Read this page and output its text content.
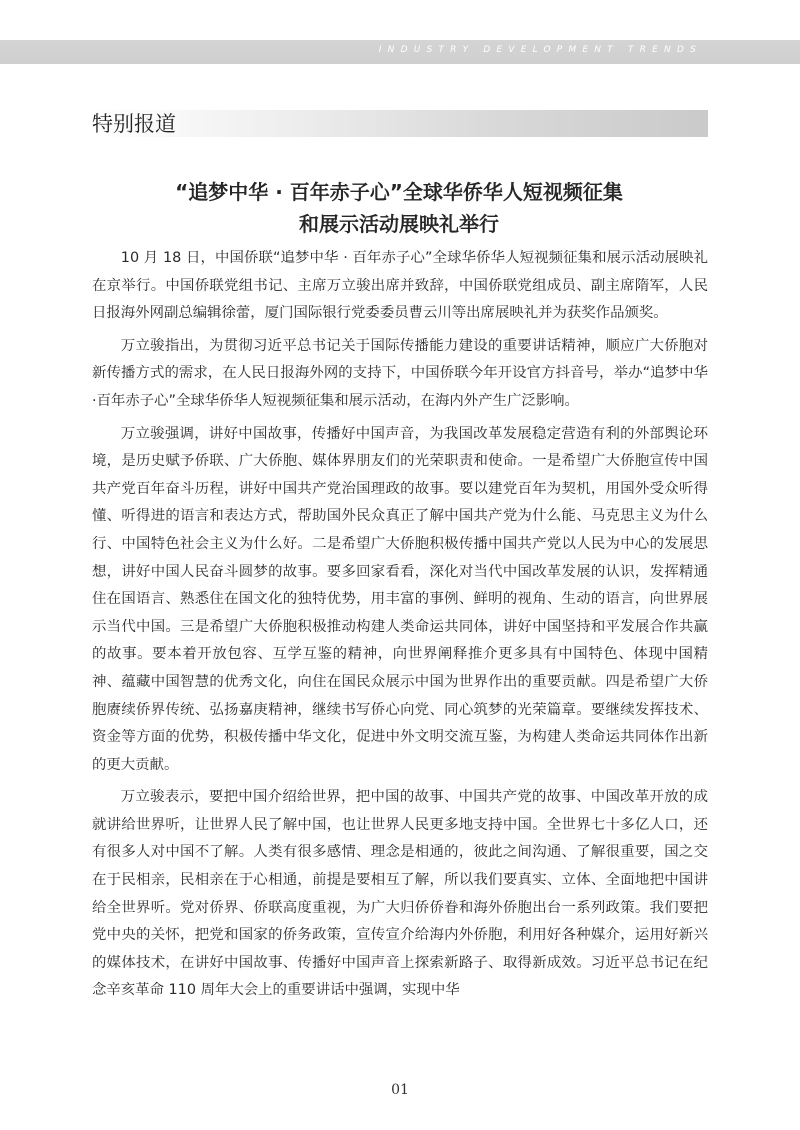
INDUSTRY DEVELOPMENT TRENDS
特别报道
“追梦中华 · 百年赤子心”全球华侨华人短视频征集
和展示活动展映礼举行

10 月 18 日，中国侨联“追梦中华 · 百年赤子心”全球华侨华人短视频征集和展示活动展映礼在京举行。中国侨联党组书记、主席万立骏出席并致辞，中国侨联党组成员、副主席隋军，人民日报海外网副总编辑徐蕾，厦门国际银行党委委员曹云川等出席展映礼并为获奖作品颁奖。

万立骏指出，为贯彻习近平总书记关于国际传播能力建设的重要讲话精神，顺应广大侨胞对新传播方式的需求，在人民日报海外网的支持下，中国侨联今年开设官方抖音号，举办“追梦中华·百年赤子心”全球华侨华人短视频征集和展示活动，在海内外产生广泛影响。

万立骏强调，讲好中国故事，传播好中国声音，为我国改革发展稳定营造有利的外部舆论环境，是历史赋予侨联、广大侨胞、媒体界朋友们的光荣职责和使命。一是希望广大侨胞宣传中国共产党百年奋斗历程，讲好中国共产党治国理政的故事。要以建党百年为契机，用国外受众听得懂、听得进的语言和表达方式，帮助国外民众真正了解中国共产党为什么能、马克思主义为什么行、中国特色社会主义为什么好。二是希望广大侨胞积极传播中国共产党以人民为中心的发展思想，讲好中国人民奋斗圆梦的故事。要多回家看看，深化对当代中国改革发展的认识，发挥精通住在国语言、熟悉住在国文化的独特优势，用丰富的事例、鲜明的视角、生动的语言，向世界展示当代中国。三是希望广大侨胞积极推动构建人类命运共同体，讲好中国坚持和平发展合作共赢的故事。要本着开放包容、互学互鉴的精神，向世界阐释推介更多具有中国特色、体现中国精神、蕴藏中国智慧的优秀文化，向住在国民众展示中国为世界作出的重要贡献。四是希望广大侨胞赓续侨界传统、弘扬嘉庚精神，继续书写侨心向党、同心筑梦的光荣篇章。要继续发挥技术、资金等方面的优势，积极传播中华文化，促进中外文明交流互鉴，为构建人类命运共同体作出新的更大贡献。

万立骏表示，要把中国介绍给世界，把中国的故事、中国共产党的故事、中国改革开放的成就讲给世界听，让世界人民了解中国，也让世界人民更多地支持中国。全世界七十多亿人口，还有很多人对中国不了解。人类有很多感情、理念是相通的，彼此之间沟通、了解很重要，国之交在于民相亲，民相亲在于心相通，前提是要相互了解，所以我们要真实、立体、全面地把中国讲给全世界听。党对侨界、侨联高度重视，为广大归侨侨眷和海外侨胞出台一系列政策。我们要把党中央的关怀，把党和国家的侨务政策，宣传宣介给海内外侨胞，利用好各种媒介，运用好新兴的媒体技术，在讲好中国故事、传播好中国声音上探索新路子、取得新成效。习近平总书记在纪念辛亥革命 110 周年大会上的重要讲话中强调，实现中华

01
